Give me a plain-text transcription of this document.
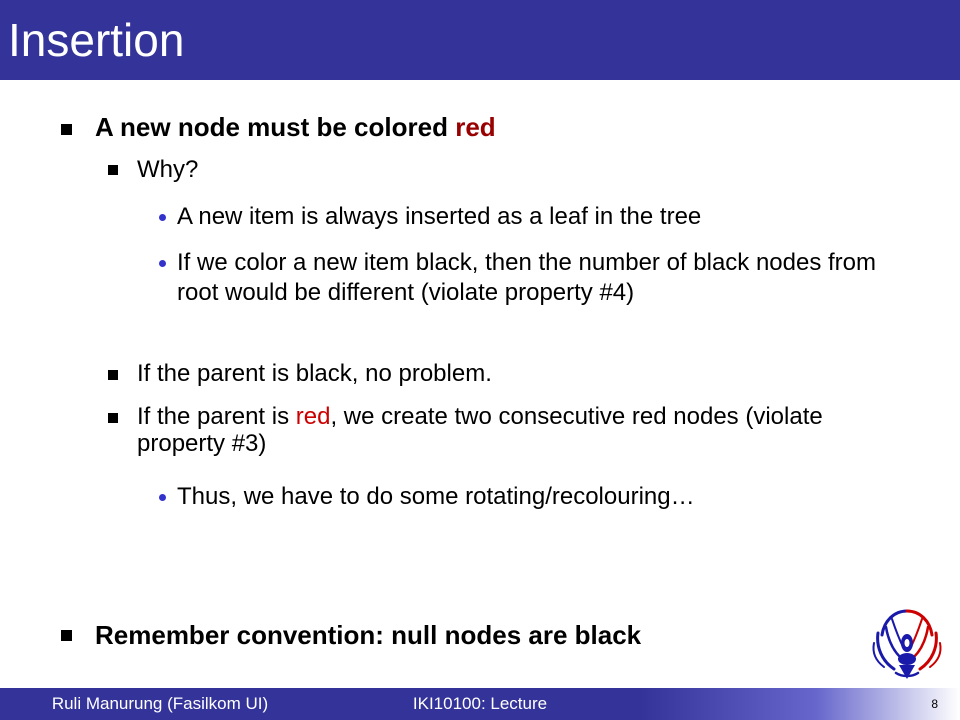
Insertion
A new node must be colored red
Why?
A new item is always inserted as a leaf in the tree
If we color a new item black, then the number of black nodes from root would be different (violate property #4)
If the parent is black, no problem.
If the parent is red, we create two consecutive red nodes (violate property #3)
Thus, we have to do some rotating/recolouring…
Remember convention: null nodes are black
Ruli Manurung (Fasilkom UI)	IKI10100: Lecture	8
